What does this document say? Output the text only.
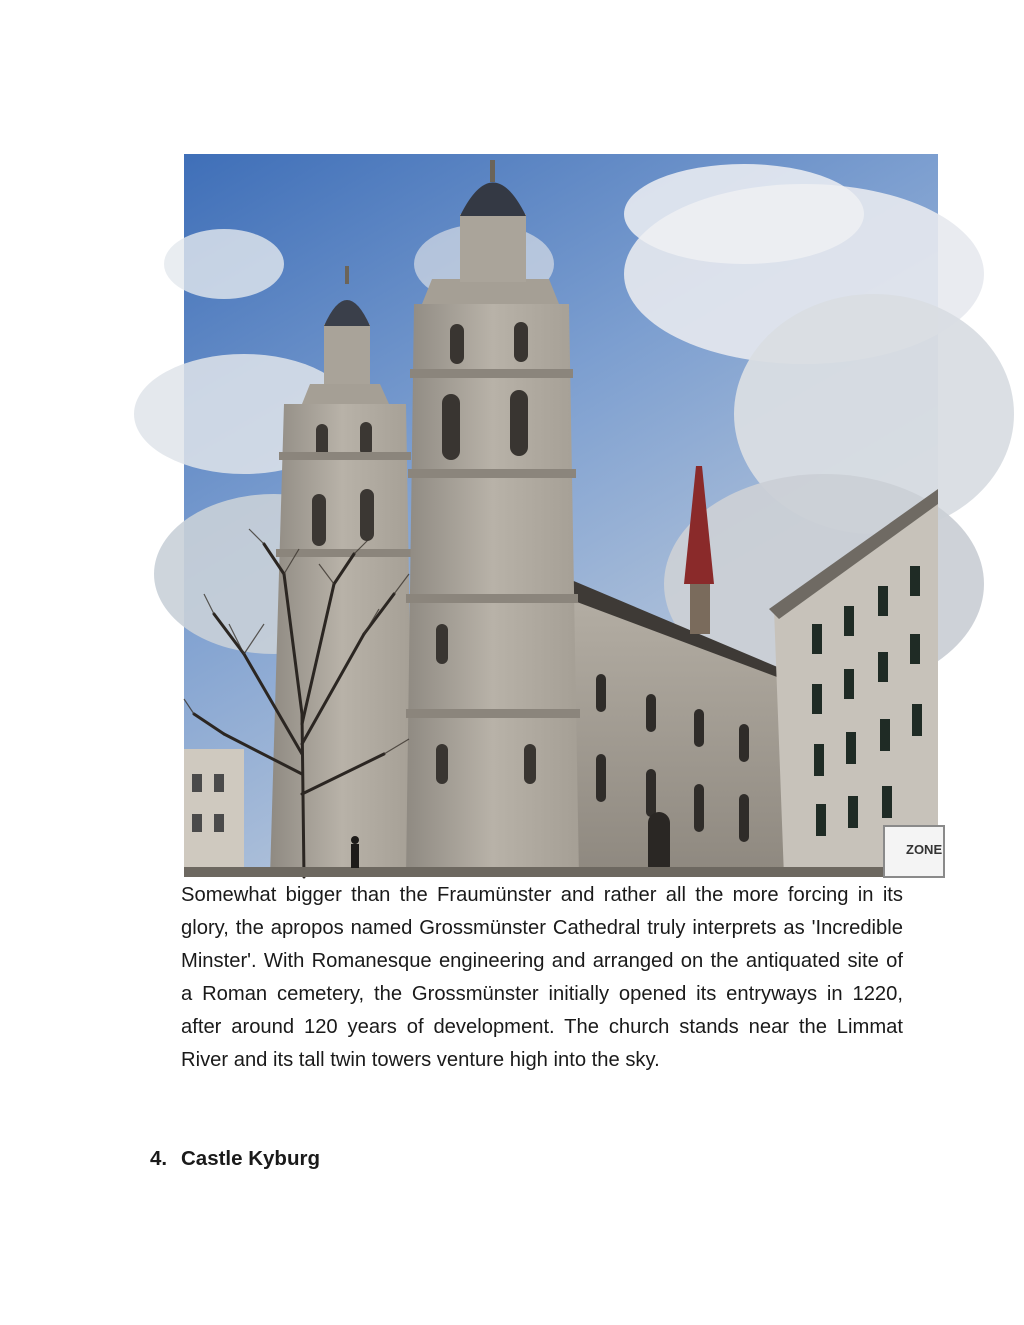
ZONE

Somewhat bigger than the Fraumünster and rather all the more forcing in its glory, the apropos named Grossmünster Cathedral truly interprets as 'Incredible Minster'. With Romanesque engineering and arranged on the antiquated site of a Roman cemetery, the Grossmünster initially opened its entryways in 1220, after around 120 years of development. The church stands near the Limmat River and its tall twin towers venture high into the sky.

4. Castle Kyburg
